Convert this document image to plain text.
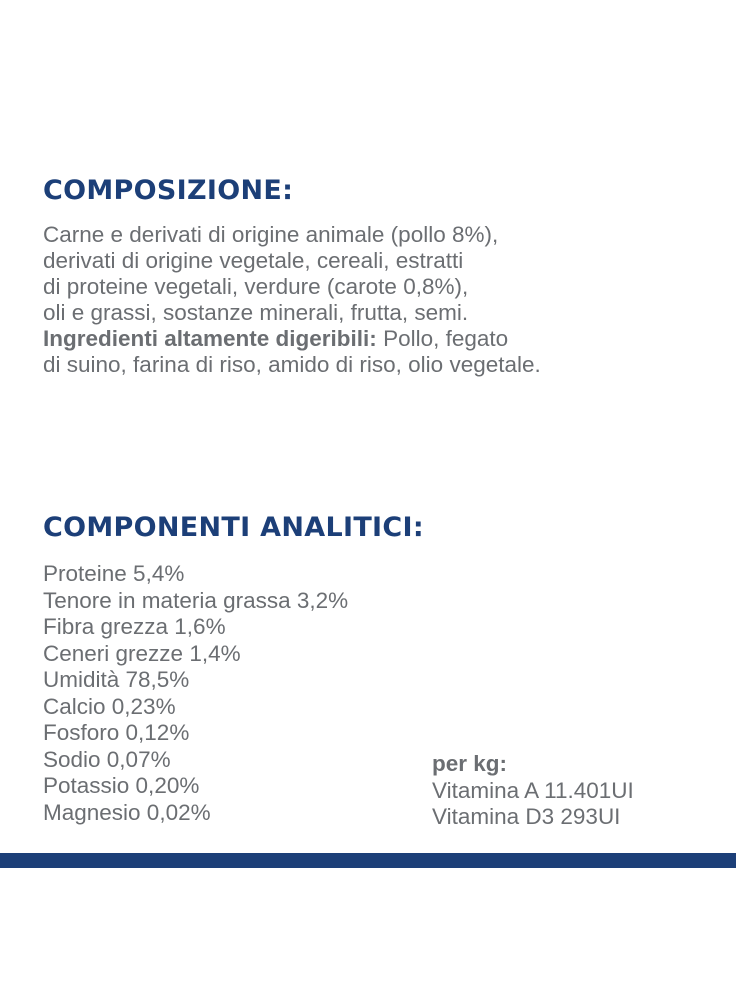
COMPOSIZIONE:

Carne e derivati di origine animale (pollo 8%),
derivati di origine vegetale, cereali, estratti
di proteine vegetali, verdure (carote 0,8%),
oli e grassi, sostanze minerali, frutta, semi.
Ingredienti altamente digeribili: Pollo, fegato
di suino, farina di riso, amido di riso, olio vegetale.

COMPONENTI ANALITICI:
Proteine 5,4%
Tenore in materia grassa 3,2%
Fibra grezza 1,6%
Ceneri grezze 1,4%
Umidità 78,5%
Calcio 0,23%
Fosforo 0,12%
Sodio 0,07%
Potassio 0,20%
Magnesio 0,02%
per kg:
Vitamina A 11.401UI
Vitamina D3 293UI
